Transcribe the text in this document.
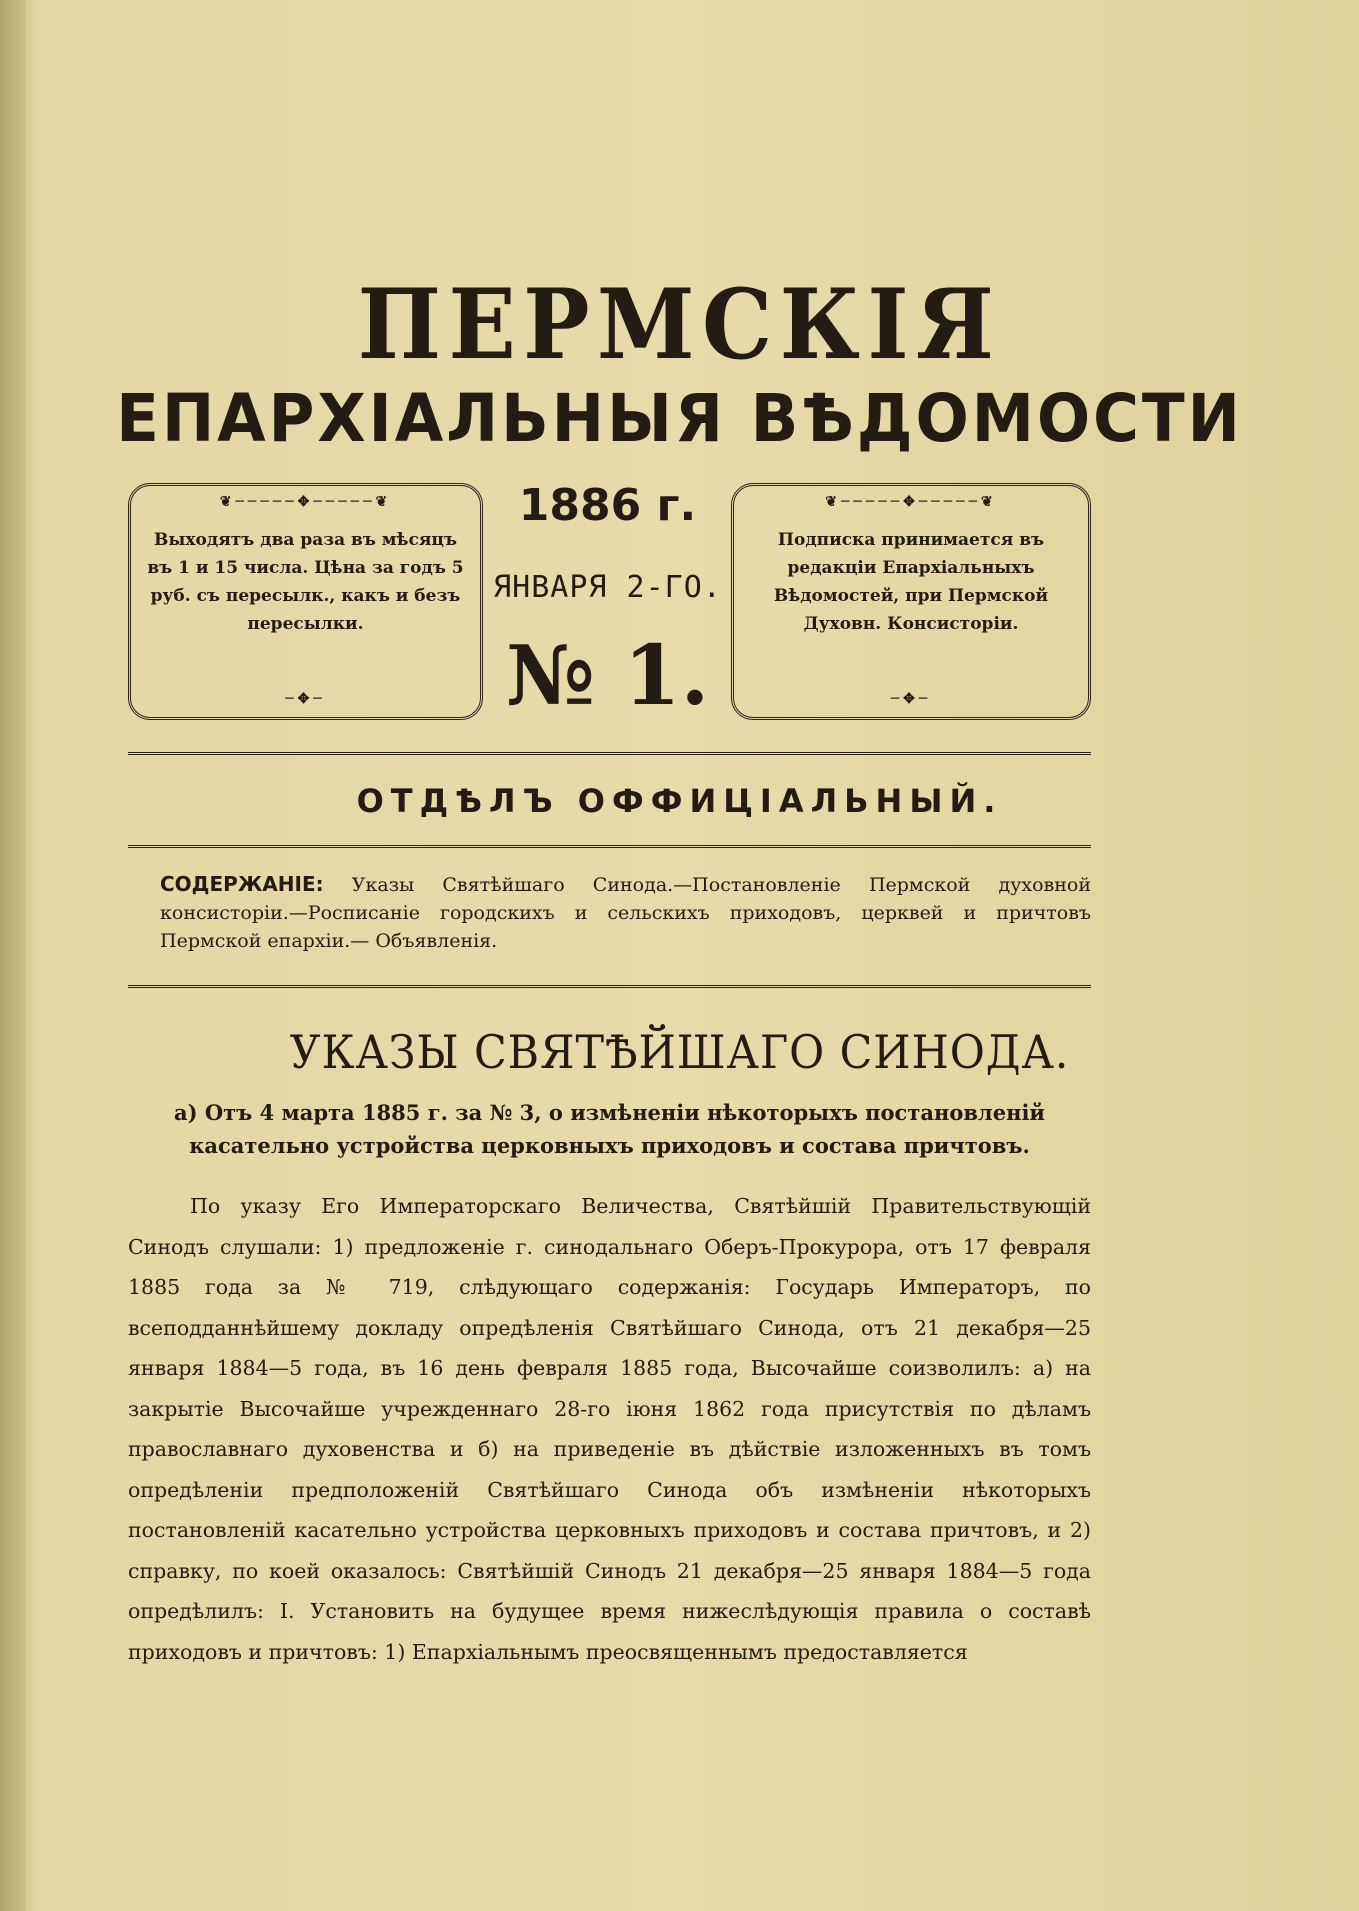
ПЕРМСКІЯ
ЕПАРХІАЛЬНЫЯ ВѢДОМОСТИ
❦─────✥─────❦
Выходятъ два раза въ мѣсяцъ въ 1 и 15 числа. Цѣна за годъ 5 руб. съ пересылк., какъ и безъ пересылки.
─✥─
1886 г.
ЯНВАРЯ 2-ГО.
№ 1.
❦─────✥─────❦
Подписка принимается въ редакціи Епархіальныхъ Вѣдомостей, при Пермской Духовн. Консисторіи.
─✥─
ОТДѢЛЪ ОФФИЦІАЛЬНЫЙ.
СОДЕРЖАНІЕ: Указы Святѣйшаго Синода.—Постановленіе Пермской духовной консисторіи.—Росписаніе городскихъ и сельскихъ приходовъ, церквей и причтовъ Пермской епархіи.— Объявленія.
УКАЗЫ СВЯТѢЙШАГО СИНОДА.
а) Отъ 4 марта 1885 г. за № 3, о измѣненіи нѣкоторыхъ постановленій касательно устройства церковныхъ приходовъ и состава причтовъ.
По указу Его Императорскаго Величества, Святѣйшій Правительствующій Синодъ слушали: 1) предложеніе г. синодальнаго Оберъ-Прокурора, отъ 17 февраля 1885 года за № 719, слѣдующаго содержанія: Государь Императоръ, по всеподданнѣйшему докладу опредѣленія Святѣйшаго Синода, отъ 21 декабря—25 января 1884—5 года, въ 16 день февраля 1885 года, Высочайше соизволилъ: а) на закрытіе Высочайше учрежденнаго 28-го іюня 1862 года присутствія по дѣламъ православнаго духовенства и б) на приведеніе въ дѣйствіе изложенныхъ въ томъ опредѣленіи предположеній Святѣйшаго Синода объ измѣненіи нѣкоторыхъ постановленій касательно устройства церковныхъ приходовъ и состава причтовъ, и 2) справку, по коей оказалось: Святѣйшій Синодъ 21 декабря—25 января 1884—5 года опредѣлилъ: I. Установить на будущее время нижеслѣдующія правила о составѣ приходовъ и причтовъ: 1) Епархіальнымъ преосвященнымъ предоставляется
